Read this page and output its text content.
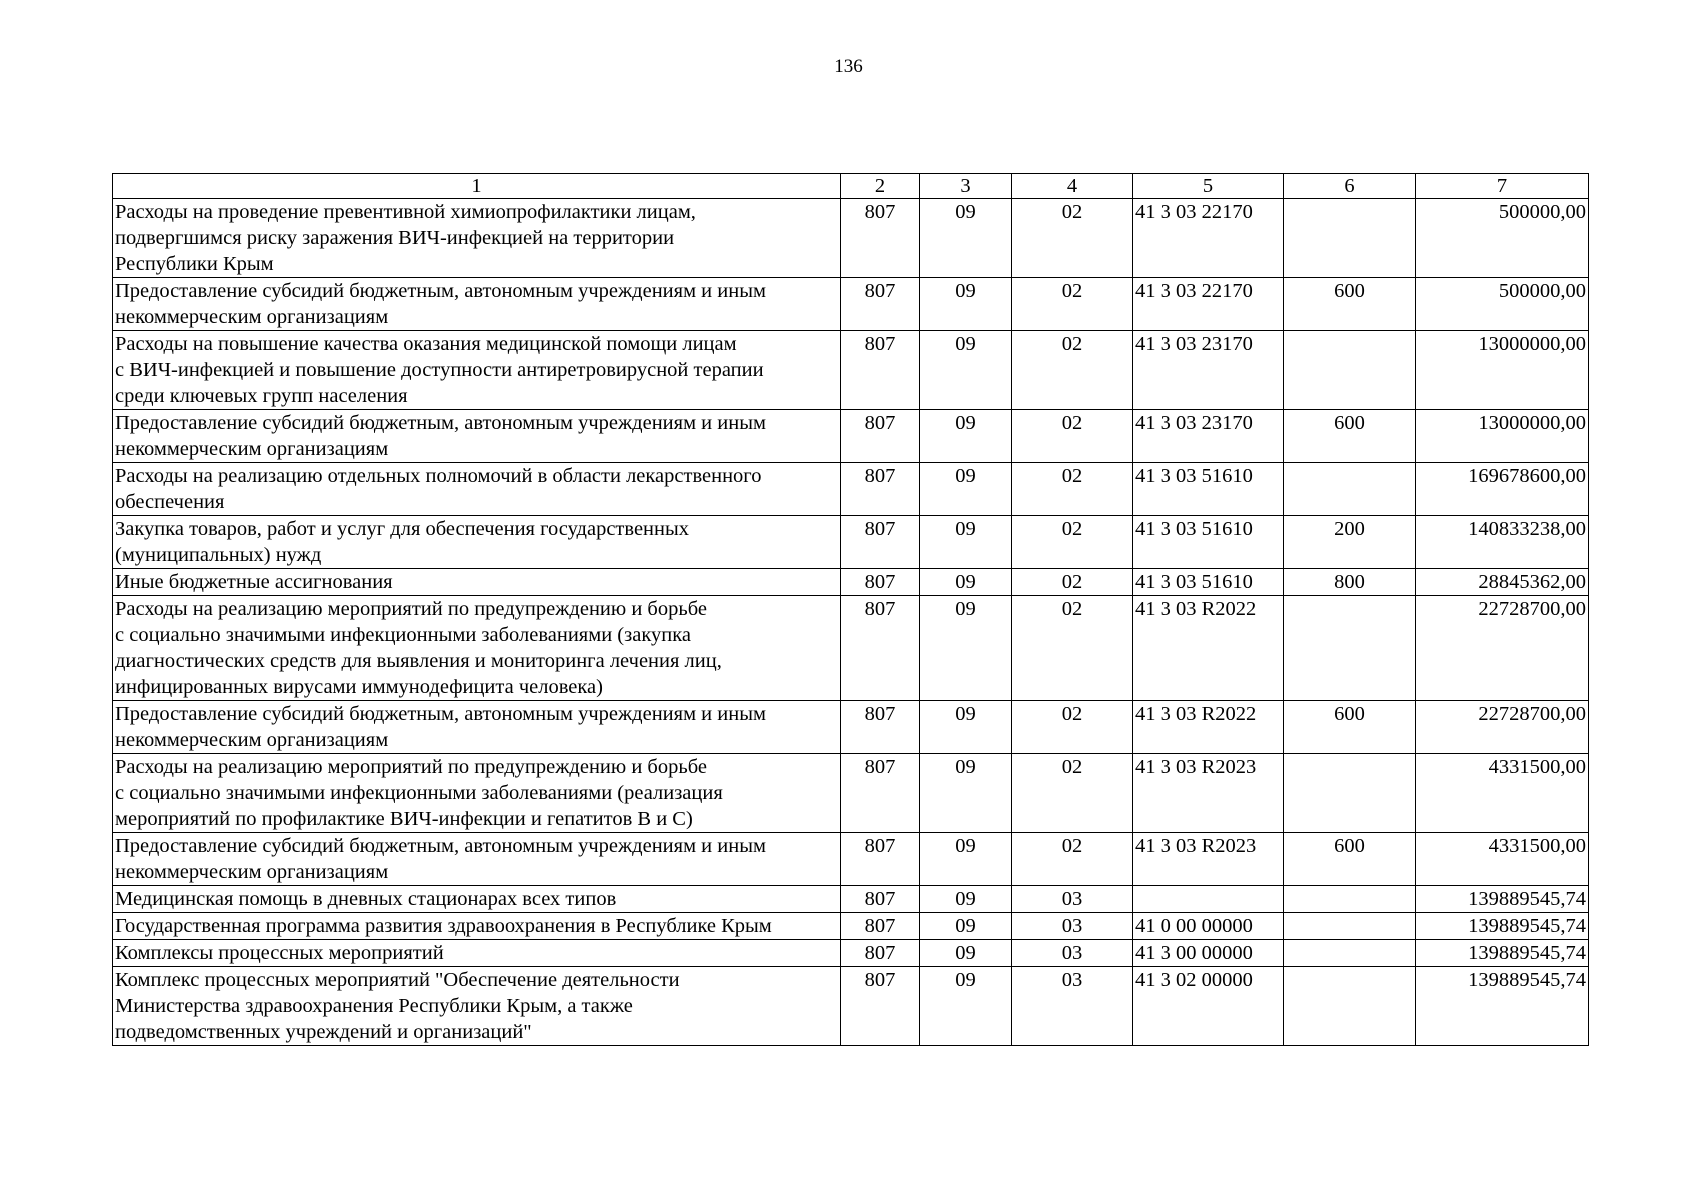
136
1	2	3	4	5	6	7
Расходы на проведение превентивной химиопрофилактики лицам,
подвергшимся риску заражения ВИЧ-инфекцией на территории
Республики Крым	807	09	02	41 3 03 22170		500000,00
Предоставление субсидий бюджетным, автономным учреждениям и иным
некоммерческим организациям	807	09	02	41 3 03 22170	600	500000,00
Расходы на повышение качества оказания медицинской помощи лицам
с ВИЧ-инфекцией и повышение доступности антиретровирусной терапии
среди ключевых групп населения	807	09	02	41 3 03 23170		13000000,00
Предоставление субсидий бюджетным, автономным учреждениям и иным
некоммерческим организациям	807	09	02	41 3 03 23170	600	13000000,00
Расходы на реализацию отдельных полномочий в области лекарственного
обеспечения	807	09	02	41 3 03 51610		169678600,00
Закупка товаров, работ и услуг для обеспечения государственных
(муниципальных) нужд	807	09	02	41 3 03 51610	200	140833238,00
Иные бюджетные ассигнования	807	09	02	41 3 03 51610	800	28845362,00
Расходы на реализацию мероприятий по предупреждению и борьбе
с социально значимыми инфекционными заболеваниями (закупка
диагностических средств для выявления и мониторинга лечения лиц,
инфицированных вирусами иммунодефицита человека)	807	09	02	41 3 03 R2022		22728700,00
Предоставление субсидий бюджетным, автономным учреждениям и иным
некоммерческим организациям	807	09	02	41 3 03 R2022	600	22728700,00
Расходы на реализацию мероприятий по предупреждению и борьбе
с социально значимыми инфекционными заболеваниями (реализация
мероприятий по профилактике ВИЧ-инфекции и гепатитов B и C)	807	09	02	41 3 03 R2023		4331500,00
Предоставление субсидий бюджетным, автономным учреждениям и иным
некоммерческим организациям	807	09	02	41 3 03 R2023	600	4331500,00
Медицинская помощь в дневных стационарах всех типов	807	09	03			139889545,74
Государственная программа развития здравоохранения в Республике Крым	807	09	03	41 0 00 00000		139889545,74
Комплексы процессных мероприятий	807	09	03	41 3 00 00000		139889545,74
Комплекс процессных мероприятий "Обеспечение деятельности
Министерства здравоохранения Республики Крым, а также
подведомственных учреждений и организаций"	807	09	03	41 3 02 00000		139889545,74
